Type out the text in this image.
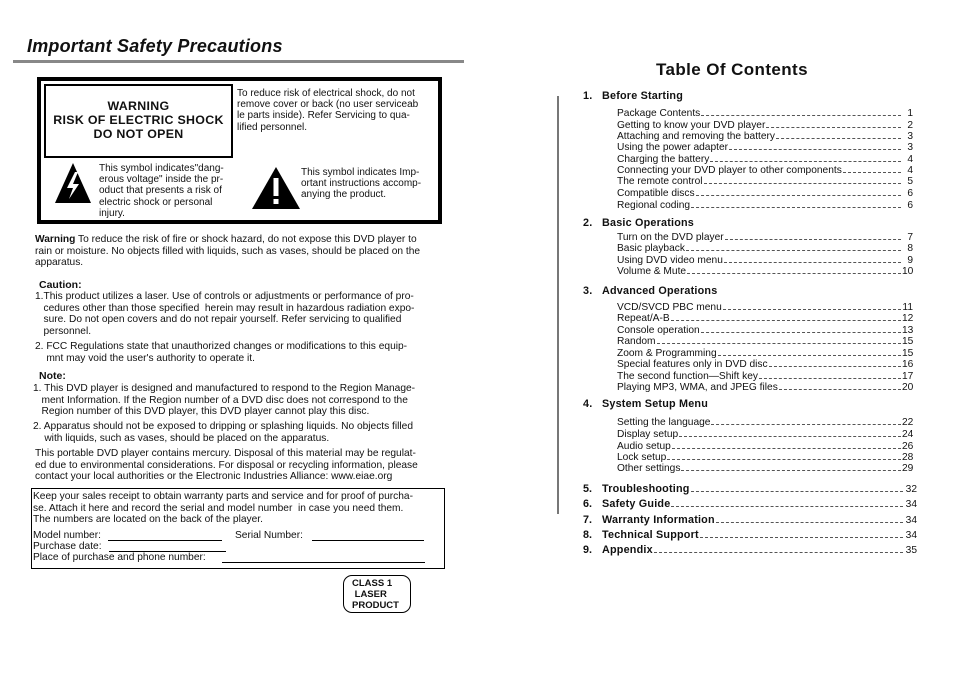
Important Safety Precautions
WARNING
RISK OF ELECTRIC SHOCK
DO NOT OPEN
To reduce risk of electrical shock, do not
remove cover or back (no user serviceab
le parts inside). Refer Servicing to qua-
lified personnel.
This symbol indicates"dang-
erous voltage" inside the pr-
oduct that presents a risk of
electric shock or personal
injury.
This symbol indicates Imp-
ortant instructions accomp-
anying the product.
Warning To reduce the risk of fire or shock hazard, do not expose this DVD player to
rain or moisture. No objects filled with liquids, such as vases, should be placed on the
apparatus.
Caution:
1.This product utilizes a laser. Use of controls or adjustments or performance of pro-
cedures other than those specified  herein may result in hazardous radiation expo-
sure. Do not open covers and do not repair yourself. Refer servicing to qualified
personnel.
2. FCC Regulations state that unauthorized changes or modifications to this equip-
mnt may void the user's authority to operate it.
Note:
1. This DVD player is designed and manufactured to respond to the Region Manage-
ment Information. If the Region number of a DVD disc does not correspond to the
Region number of this DVD player, this DVD player cannot play this disc.
2. Apparatus should not be exposed to dripping or splashing liquids. No objects filled
with liquids, such as vases, should be placed on the apparatus.
This portable DVD player contains mercury. Disposal of this material may be regulat-
ed due to environmental considerations. For disposal or recycling information, please
contact your local authorities or the Electronic Industries Alliance: www.eiae.org
Keep your sales receipt to obtain warranty parts and service and for proof of purcha-
se. Attach it here and record the serial and model number  in case you need them.
The numbers are located on the back of the player.
Model number:	Serial Number:
Purchase date:
Place of purchase and phone number:
CLASS 1
LASER
PRODUCT
Table Of Contents
1. Before Starting
Package Contents	1
Getting to know your DVD player	2
Attaching and removing the battery	3
Using the power adapter	3
Charging the battery	4
Connecting your DVD player to other components	4
The remote control	5
Compatible discs	6
Regional coding	6
2. Basic Operations
Turn on the DVD player	7
Basic playback	8
Using DVD video menu	9
Volume & Mute	10
3. Advanced Operations
VCD/SVCD PBC menu	11
Repeat/A-B	12
Console operation	13
Random	15
Zoom & Programming	15
Special features only in DVD disc	16
The second function—Shift key	17
Playing MP3, WMA, and JPEG files	20
4. System Setup Menu
Setting the language	22
Display setup	24
Audio setup	26
Lock setup	28
Other settings	29
5. Troubleshooting	32
6. Safety Guide	34
7. Warranty Information	34
8. Technical Support	34
9. Appendix	35
